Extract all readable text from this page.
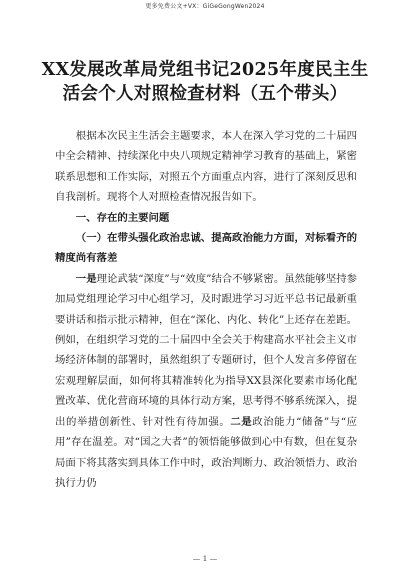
更多免费公文+VX：GiGeGongWen2024
XX发展改革局党组书记2025年度民主生活会个人对照检查材料（五个带头）

根据本次民主生活会主题要求，本人在深入学习党的二十届四中全会精神、持续深化中央八项规定精神学习教育的基础上，紧密联系思想和工作实际，对照五个方面重点内容，进行了深刻反思和自我剖析。现将个人对照检查情况报告如下。

一、存在的主要问题

（一）在带头强化政治忠诚、提高政治能力方面，对标看齐的精度尚有落差

一是理论武装“深度”与“效度”结合不够紧密。虽然能够坚持参加局党组理论学习中心组学习，及时跟进学习习近平总书记最新重要讲话和指示批示精神，但在“深化、内化、转化”上还存在差距。例如，在组织学习党的二十届四中全会关于构建高水平社会主义市场经济体制的部署时，虽然组织了专题研讨，但个人发言多停留在宏观理解层面，如何将其精准转化为指导XX县深化要素市场化配置改革、优化营商环境的具体行动方案，思考得不够系统深入，提出的举措创新性、针对性有待加强。二是政治能力“储备”与“应用”存在温差。对“国之大者”的领悟能够做到心中有数，但在复杂局面下将其落实到具体工作中时，政治判断力、政治领悟力、政治执行力仍

— 1 —
